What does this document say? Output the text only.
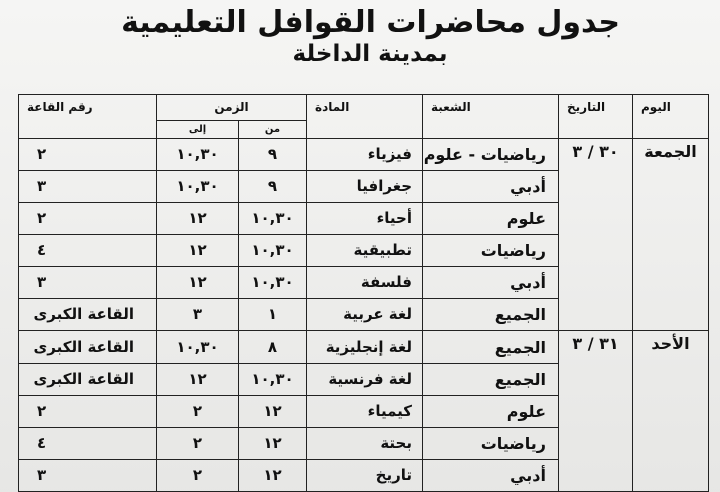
جدول محاضرات القوافل التعليمية
بمدينة الداخلة
اليوم	التاريخ	الشعبة	المادة	الزمن		رقم القاعة
				من	إلى	
الجمعة	٣٠ / ٣	رياضيات - علوم	فيزياء	٩	١٠,٣٠	٢
		أدبي	جغرافيا	٩	١٠,٣٠	٣
		علوم	أحياء	١٠,٣٠	١٢	٢
		رياضيات	تطبيقية	١٠,٣٠	١٢	٤
		أدبي	فلسفة	١٠,٣٠	١٢	٣
		الجميع	لغة عربية	١	٣	القاعة الكبرى
الأحد	٣١ / ٣	الجميع	لغة إنجليزية	٨	١٠,٣٠	القاعة الكبرى
		الجميع	لغة فرنسية	١٠,٣٠	١٢	القاعة الكبرى
		علوم	كيمياء	١٢	٢	٢
		رياضيات	بحتة	١٢	٢	٤
		أدبي	تاريخ	١٢	٢	٣
